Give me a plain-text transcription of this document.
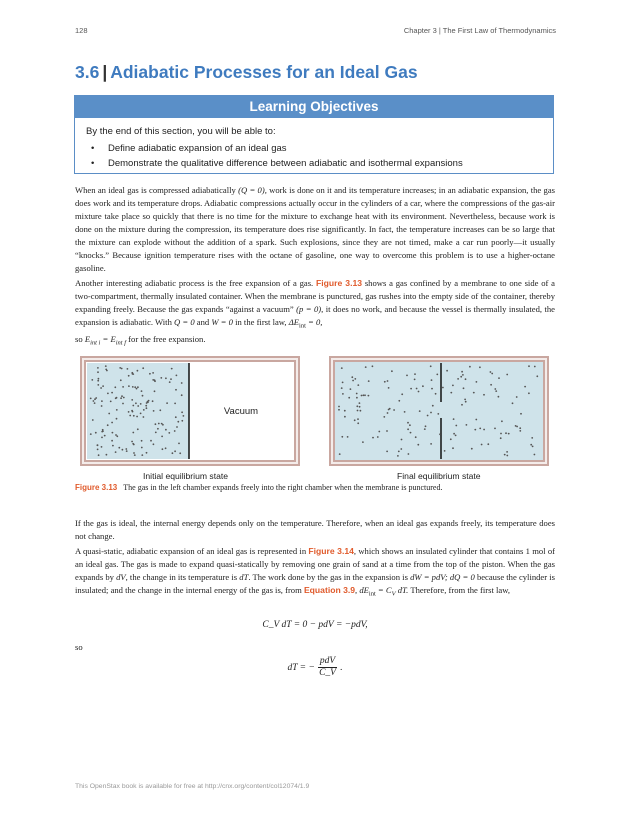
128	Chapter 3 | The First Law of Thermodynamics
3.6 | Adiabatic Processes for an Ideal Gas
Learning Objectives
By the end of this section, you will be able to:
• Define adiabatic expansion of an ideal gas
• Demonstrate the qualitative difference between adiabatic and isothermal expansions

When an ideal gas is compressed adiabatically (Q = 0), work is done on it and its temperature increases; in an adiabatic expansion, the gas does work and its temperature drops. Adiabatic compressions actually occur in the cylinders of a car, where the compressions of the gas-air mixture take place so quickly that there is no time for the mixture to exchange heat with its environment. Nevertheless, because work is done on the mixture during the compression, its temperature does rise significantly. In fact, the temperature increases can be so large that the mixture can explode without the addition of a spark. Such explosions, since they are not timed, make a car run poorly—it usually “knocks.” Because ignition temperature rises with the octane of gasoline, one way to overcome this problem is to use a higher-octane gasoline.

Another interesting adiabatic process is the free expansion of a gas. Figure 3.13 shows a gas confined by a membrane to one side of a two-compartment, thermally insulated container. When the membrane is punctured, gas rushes into the empty side of the container, thereby expanding freely. Because the gas expands “against a vacuum” (p = 0), it does no work, and because the vessel is thermally insulated, the expansion is adiabatic. With Q = 0 and W = 0 in the first law, $\Delta E_{int} = 0$,
so $E_{int i} = E_{int f}$ for the free expansion.

Vacuum
Initial equilibrium state	Final equilibrium state
Figure 3.13 The gas in the left chamber expands freely into the right chamber when the membrane is punctured.

If the gas is ideal, the internal energy depends only on the temperature. Therefore, when an ideal gas expands freely, its temperature does not change.

A quasi-static, adiabatic expansion of an ideal gas is represented in Figure 3.14, which shows an insulated cylinder that contains 1 mol of an ideal gas. The gas is made to expand quasi-statically by removing one grain of sand at a time from the top of the piston. When the gas expands by dV, the change in its temperature is dT. The work done by the gas in the expansion is dW = pdV; dQ = 0 because the cylinder is insulated; and the change in the internal energy of the gas is, from Equation 3.9, $dE_{int} = C_V$ dT. Therefore, from the first law,

C_V dT = 0 − pdV = −pdV,

so

dT = −
pdV
C_V
.
This OpenStax book is available for free at http://cnx.org/content/col12074/1.9
